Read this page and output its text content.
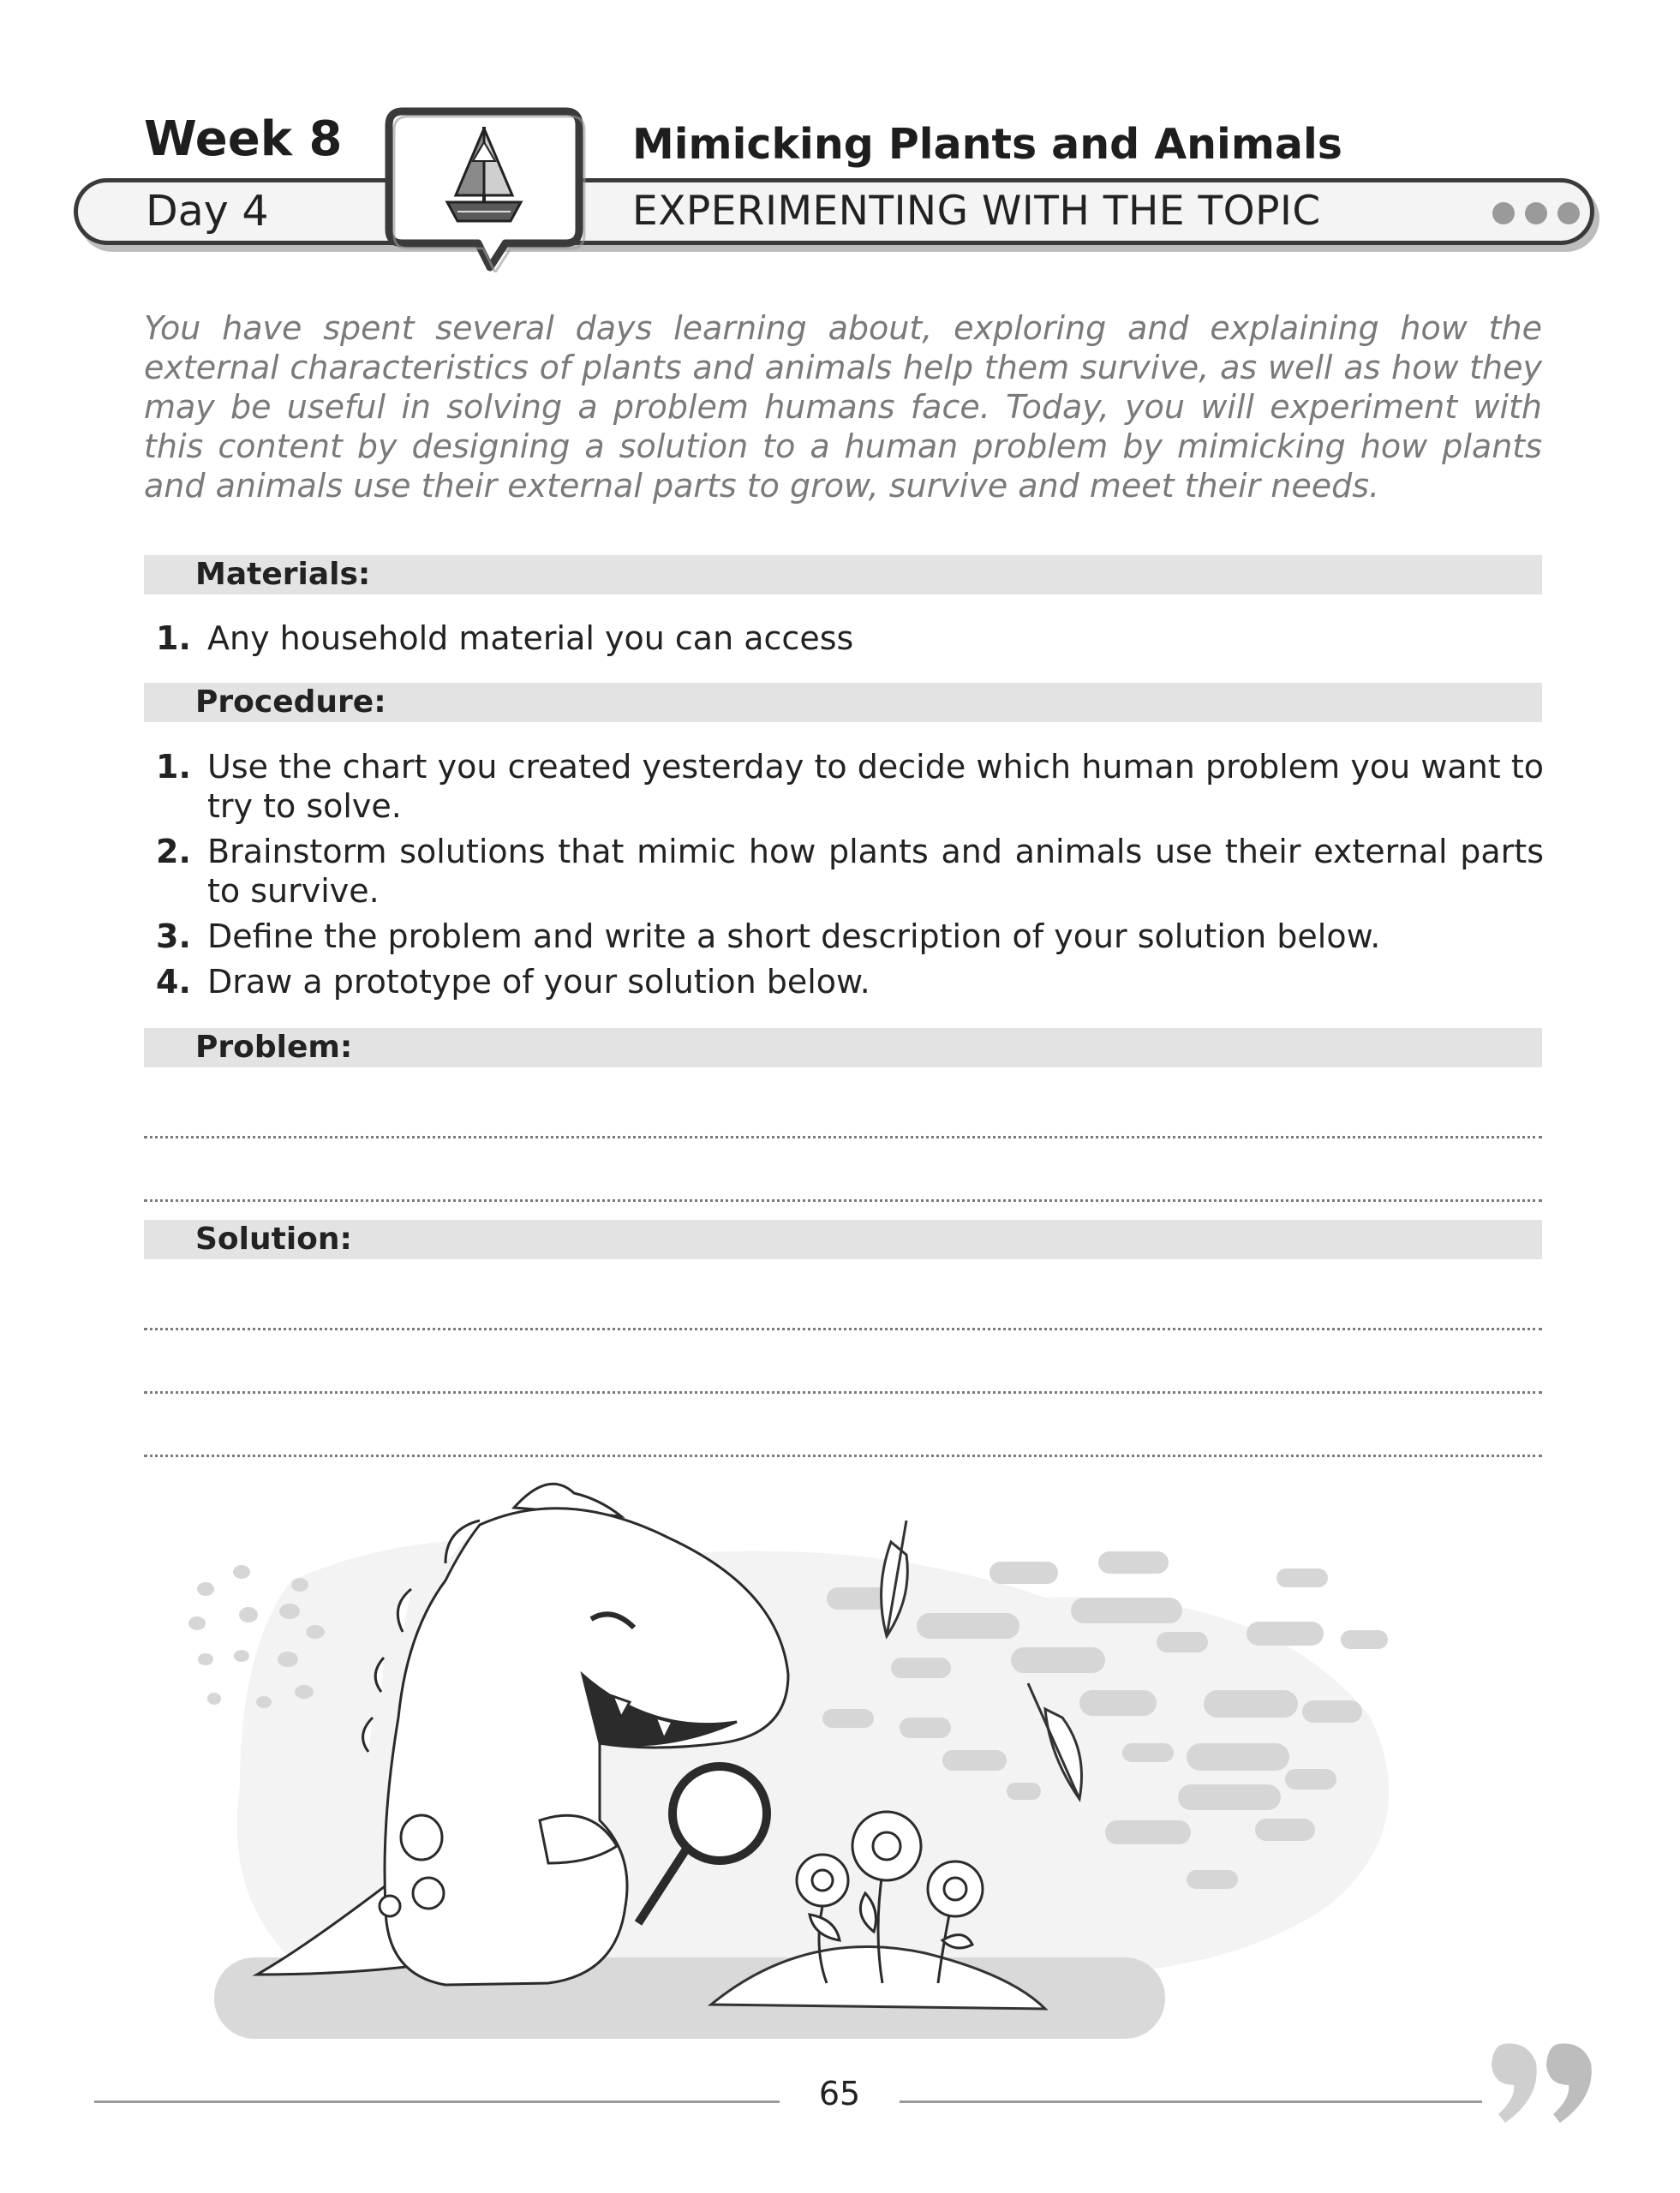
Week 8	Mimicking Plants and Animals
Day 4	EXPERIMENTING WITH THE TOPIC
You have spent several days learning about, exploring and explaining how the external characteristics of plants and animals help them survive, as well as how they may be useful in solving a problem humans face. Today, you will experiment with this content by designing a solution to a human problem by mimicking how plants and animals use their external parts to grow, survive and meet their needs.
Materials:
1. Any household material you can access
Procedure:
1. Use the chart you created yesterday to decide which human problem you want to try to solve.
2. Brainstorm solutions that mimic how plants and animals use their external parts to survive.
3. Define the problem and write a short description of your solution below.
4. Draw a prototype of your solution below.
Problem:
Solution:
65
